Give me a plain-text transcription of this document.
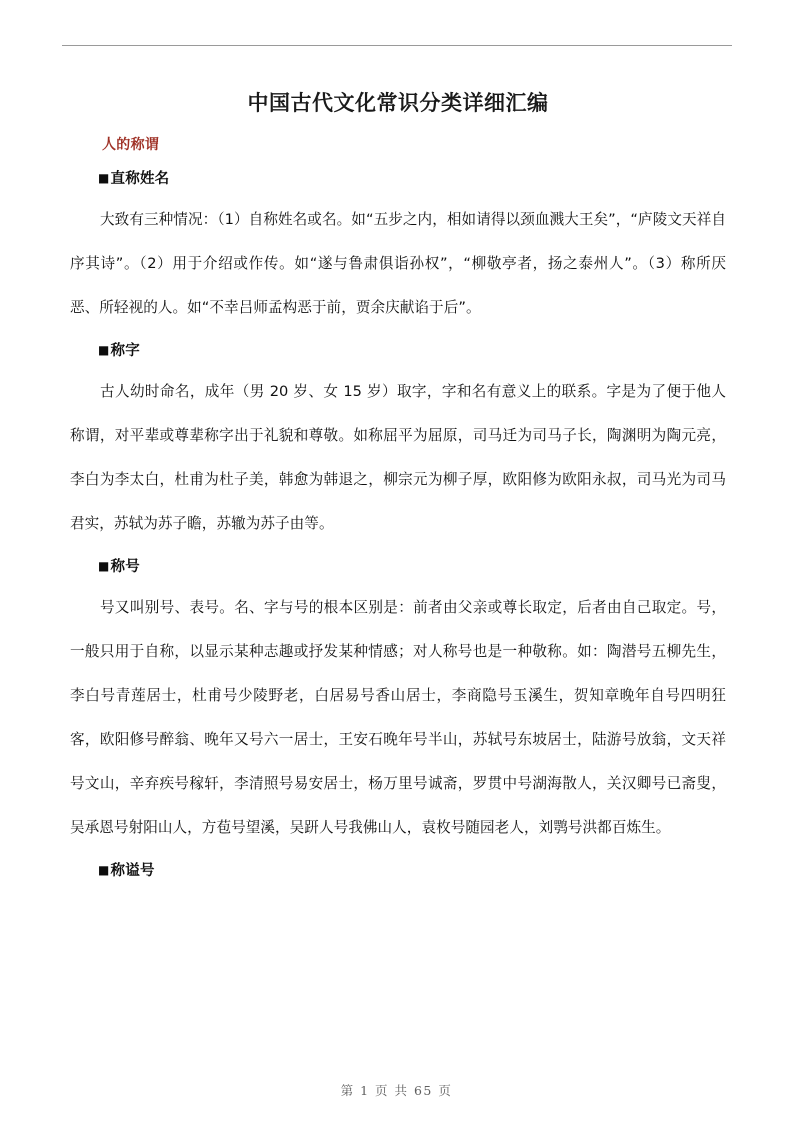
中国古代文化常识分类详细汇编
人的称谓
■直称姓名

大致有三种情况：（1）自称姓名或名。如“五步之内，相如请得以颈血溅大王矣”，“庐陵文天祥自序其诗”。（2）用于介绍或作传。如“遂与鲁肃俱诣孙权”，“柳敬亭者，扬之泰州人”。（3）称所厌恶、所轻视的人。如“不幸吕师孟构恶于前，贾余庆献谄于后”。

■称字

古人幼时命名，成年（男 20 岁、女 15 岁）取字，字和名有意义上的联系。字是为了便于他人称谓，对平辈或尊辈称字出于礼貌和尊敬。如称屈平为屈原，司马迁为司马子长，陶渊明为陶元亮，李白为李太白，杜甫为杜子美，韩愈为韩退之，柳宗元为柳子厚，欧阳修为欧阳永叔，司马光为司马君实，苏轼为苏子瞻，苏辙为苏子由等。

■称号

号又叫别号、表号。名、字与号的根本区别是：前者由父亲或尊长取定，后者由自己取定。号，一般只用于自称，以显示某种志趣或抒发某种情感；对人称号也是一种敬称。如：陶潜号五柳先生，李白号青莲居士，杜甫号少陵野老，白居易号香山居士，李商隐号玉溪生，贺知章晚年自号四明狂客，欧阳修号醉翁、晚年又号六一居士，王安石晚年号半山，苏轼号东坡居士，陆游号放翁，文天祥号文山，辛弃疾号稼轩，李清照号易安居士，杨万里号诚斋，罗贯中号湖海散人，关汉卿号已斋叟，吴承恩号射阳山人，方苞号望溪，吴趼人号我佛山人，袁枚号随园老人，刘鹗号洪都百炼生。

■称谥号
第 1 页 共 65 页
